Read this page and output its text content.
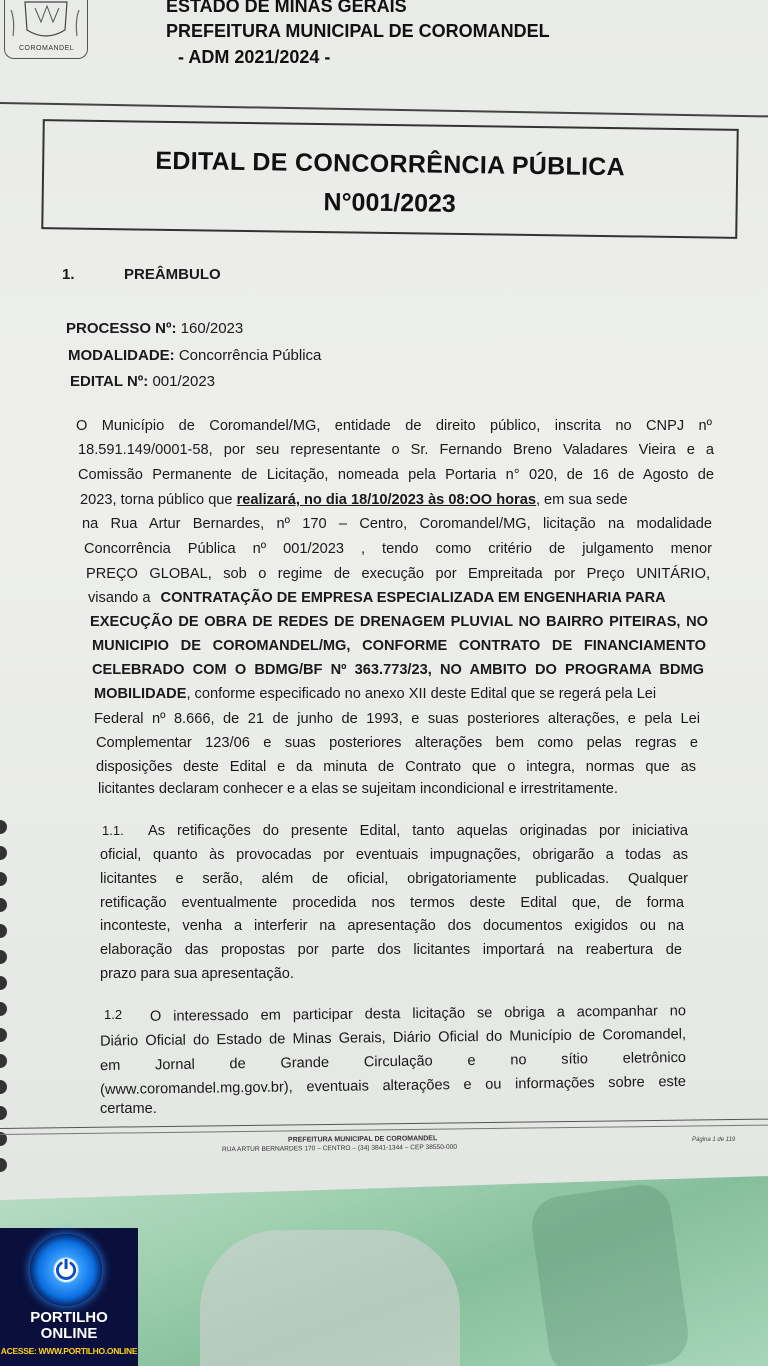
COROMANDEL
ESTADO DE MINAS GERAIS
PREFEITURA MUNICIPAL DE COROMANDEL
- ADM 2021/2024 -
EDITAL DE CONCORRÊNCIA PÚBLICA
N°001/2023
1.	PREÂMBULO
PROCESSO Nº: 160/2023
MODALIDADE: Concorrência Pública
EDITAL Nº: 001/2023
O Município de Coromandel/MG, entidade de direito público, inscrita no CNPJ nº
18.591.149/0001-58, por seu representante o Sr. Fernando Breno Valadares Vieira e a
Comissão Permanente de Licitação, nomeada pela Portaria n° 020, de 16 de Agosto de
2023, torna público que realizará, no dia 18/10/2023 às 08:OO horas, em sua sede
na Rua Artur Bernardes, nº 170 – Centro, Coromandel/MG, licitação na modalidade
Concorrência Pública nº 001/2023 , tendo como critério de julgamento menor
PREÇO GLOBAL, sob o regime de execução por Empreitada por Preço UNITÁRIO,
visando a CONTRATAÇÃO DE EMPRESA ESPECIALIZADA EM ENGENHARIA PARA
EXECUÇÃO DE OBRA DE REDES DE DRENAGEM PLUVIAL NO BAIRRO PITEIRAS, NO
MUNICIPIO DE COROMANDEL/MG, CONFORME CONTRATO DE FINANCIAMENTO
CELEBRADO COM O BDMG/BF Nº 363.773/23, NO AMBITO DO PROGRAMA BDMG
MOBILIDADE, conforme especificado no anexo XII deste Edital que se regerá pela Lei
Federal nº 8.666, de 21 de junho de 1993, e suas posteriores alterações, e pela Lei
Complementar 123/06 e suas posteriores alterações bem como pelas regras e
disposições deste Edital e da minuta de Contrato que o integra, normas que as
licitantes declaram conhecer e a elas se sujeitam incondicional e irrestritamente.
1.1. As retificações do presente Edital, tanto aquelas originadas por iniciativa
oficial, quanto às provocadas por eventuais impugnações, obrigarão a todas as
licitantes e serão, além de oficial, obrigatoriamente publicadas. Qualquer
retificação eventualmente procedida nos termos deste Edital que, de forma
inconteste, venha a interferir na apresentação dos documentos exigidos ou na
elaboração das propostas por parte dos licitantes importará na reabertura de
prazo para sua apresentação.
1.2 O interessado em participar desta licitação se obriga a acompanhar no
Diário Oficial do Estado de Minas Gerais, Diário Oficial do Município de Coromandel,
em Jornal de Grande Circulação e no sítio eletrônico
(www.coromandel.mg.gov.br), eventuais alterações e ou informações sobre este
certame.
PREFEITURA MUNICIPAL DE COROMANDEL
RUA ARTUR BERNARDES 170 – CENTRO – (34) 3841-1344 – CEP 38550-000
Página 1 de 119
⏻
PORTILHO
ONLINE
ACESSE: WWW.PORTILHO.ONLINE
